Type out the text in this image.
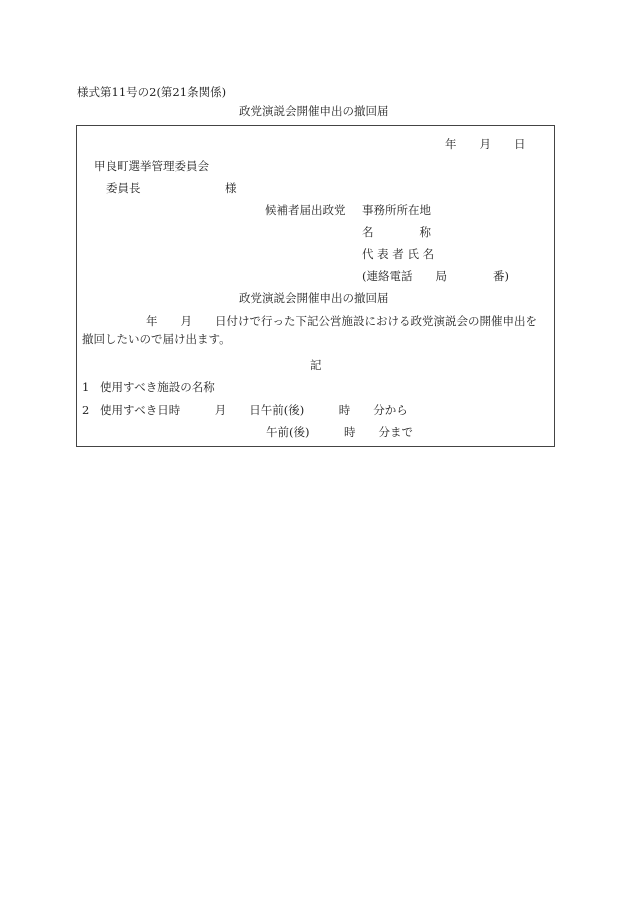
様式第11号の2(第21条関係)
政党演説会開催申出の撤回届
年　　月　　日
甲良町選挙管理委員会
委員長	様
候補者届出政党 事務所所在地
名　　　　称
代 表 者 氏 名
(連絡電話　　局　　　　番)
政党演説会開催申出の撤回届
年　　月　　日付けで行った下記公営施設における政党演説会の開催申出を
撤回したいので届け出ます。
記
1 使用すべき施設の名称
2 使用すべき日時　　　月　　日午前(後)　　　時　　分から
午前(後)　　　時　　分まで
